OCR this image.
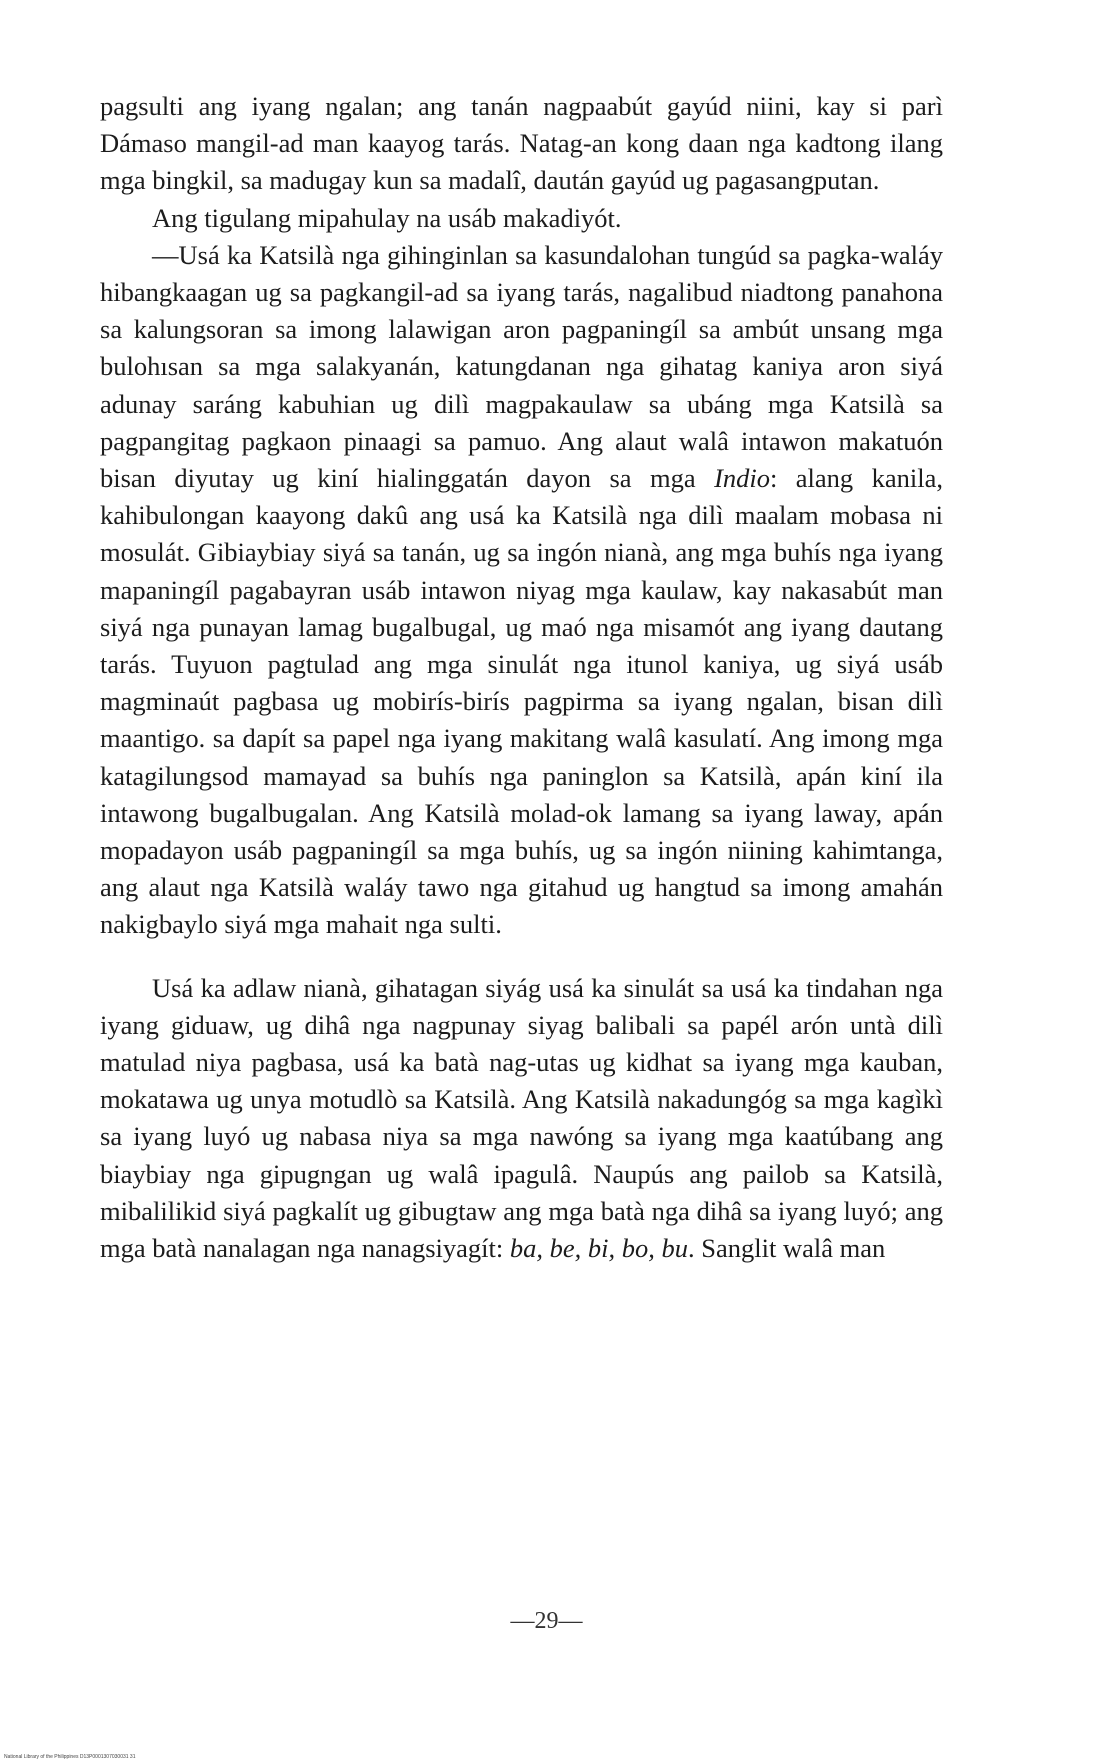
pagsulti ang iyang ngalan; ang tanán nagpaabút gayúd niini, kay si parì Dámaso mangil-ad man kaayog tarás. Natag-an kong daan nga kadtong ilang mga bingkil, sa madugay kun sa madalî, daután gayúd ug pagasangputan.

Ang tigulang mipahulay na usáb makadiyót.

—Usá ka Katsilà nga gihinginlan sa kasundalohan tungúd sa pagka-waláy hibangkaagan ug sa pagkangil-ad sa iyang tarás, nagalibud niadtong panahona sa kalungsoran sa imong lalawigan aron pagpaningíl sa ambút unsang mga bulohısan sa mga salakyanán, katungdanan nga gihatag kaniya aron siyá adunay saráng kabuhian ug dilì magpakaulaw sa ubáng mga Katsilà sa pagpangitag pagkaon pinaagi sa pamuo. Ang alaut walâ intawon makatuón bisan diyutay ug kiní hialinggatán dayon sa mga Indio: alang kanila, kahibulongan kaayong dakû ang usá ka Katsilà nga dilì maalam mobasa ni mosulát. Gibiaybiay siyá sa tanán, ug sa ingón nianà, ang mga buhís nga iyang mapaningíl pagabayran usáb intawon niyag mga kaulaw, kay nakasabút man siyá nga punayan lamag bugalbugal, ug maó nga misamót ang iyang dautang tarás. Tuyuon pagtulad ang mga sinulát nga itunol kaniya, ug siyá usáb magminaút pagbasa ug mobirís-birís pagpirma sa iyang ngalan, bisan dilì maantigo. sa dapít sa papel nga iyang makitang walâ kasulatí. Ang imong mga katagilungsod mamayad sa buhís nga paninglon sa Katsilà, apán kiní ila intawong bugalbugalan. Ang Katsilà molad-ok lamang sa iyang laway, apán mopadayon usáb pagpaningíl sa mga buhís, ug sa ingón niining kahimtanga, ang alaut nga Katsilà waláy tawo nga gitahud ug hangtud sa imong amahán nakigbaylo siyá mga mahait nga sulti.

Usá ka adlaw nianà, gihatagan siyág usá ka sinulát sa usá ka tindahan nga iyang giduaw, ug dihâ nga nagpunay siyag balibali sa papél arón untà dilì matulad niya pagbasa, usá ka batà nag-utas ug kidhat sa iyang mga kauban, mokatawa ug unya motudlò sa Katsilà. Ang Katsilà nakadungóg sa mga kagìkì sa iyang luyó ug nabasa niya sa mga nawóng sa iyang mga kaatúbang ang biaybiay nga gipugngan ug walâ ipagulâ. Naupús ang pailob sa Katsilà, mibalilikid siyá pagkalít ug gibugtaw ang mga batà nga dihâ sa iyang luyó; ang mga batà nanalagan nga nanagsiyagít: ba, be, bi, bo, bu. Sanglit walâ man

—29—
National Library of the Philippines D13P0001307030031 31
